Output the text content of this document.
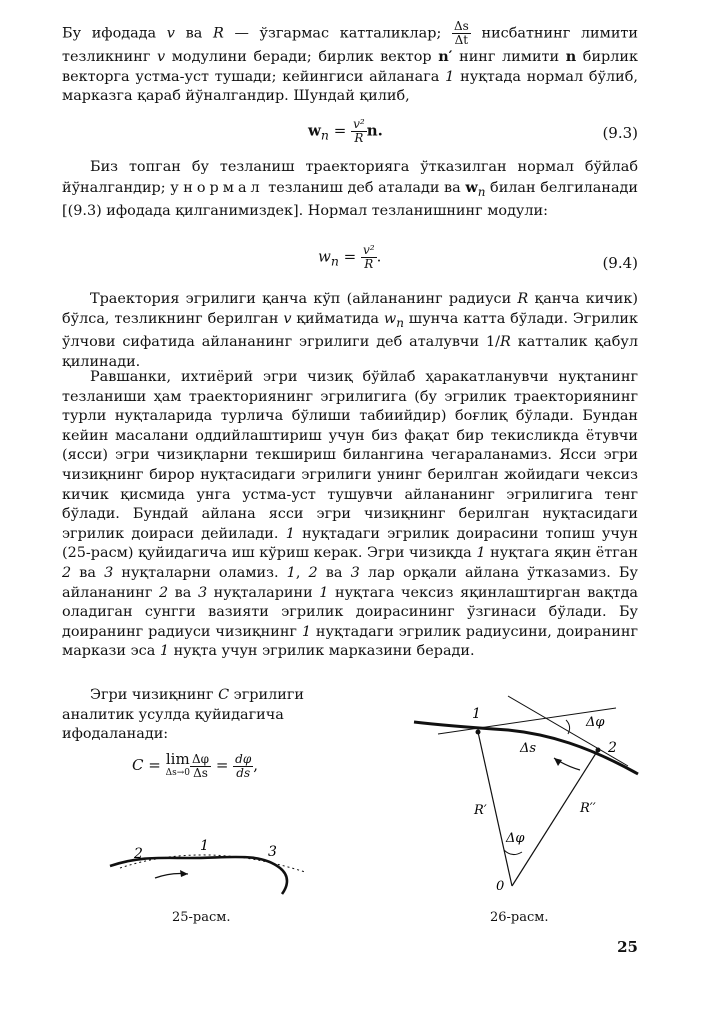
Бу ифодада v ва R — ўзгармас катталиклар; $\frac{\Delta s}{\Delta t}$ нисбатнинг лимити тезликнинг v модулини беради; бирлик вектор n′ нинг лимити n бирлик векторга устма-уст тушади; кейингиси айланага 1 нуқтада нормал бўлиб, марказга қараб йўналгандир. Шундай қилиб,

$w_n = \frac{\text{v²}}{R} n$.	(9.3)

Биз топган бу тезланиш траекторияга ўтказилган нормал бўйлаб йўналгандир; у нормал тезланиш деб аталади ва $w_n$ билан белгиланади [(9.3) ифодада қилганимиздек]. Нормал тезланишнинг модули:

$w_n = \frac{\text{v²}}{R}$ .	(9.4)

Траектория эгрилиги қанча кўп (айлананинг радиуси R қанча кичик) бўлса, тезликнинг берилган v қийматида $w_n$ шунча катта бўлади. Эгрилик ўлчови сифатида айлананинг эгрилиги деб аталувчи 1/R катталик қабул қилинади.

Равшанки, ихтиёрий эгри чизиқ бўйлаб ҳаракатланувчи нуқтанинг тезланиши ҳам траекториянинг эгрилигига (бу эгрилик траекториянинг турли нуқталарида турлича бўлиши табиийдир) боғлиқ бўлади. Бундан кейин масалани оддийлаштириш учун биз фақат бир текисликда ётувчи (ясси) эгри чизиқларни текшириш билангина чегараланамиз. Ясси эгри чизиқнинг бирор нуқтасидаги эгрилиги унинг берилган жойидаги чексиз кичик қисмида унга устма-уст тушувчи айлананинг эгрилигига тенг бўлади. Бундай айлана ясси эгри чизиқнинг берилган нуқтасидаги эгрилик доираси дейилади. 1 нуқтадаги эгрилик доирасини топиш учун (25-расм) қуйидагича иш кўриш керак. Эгри чизиқда 1 нуқтага яқин ётган 2 ва 3 нуқталарни оламиз. 1, 2 ва 3 лар орқали айлана ўтказамиз. Бу айлананинг 2 ва 3 нуқталарини 1 нуқтага чексиз яқинлаштирган вақтда оладиган сунгги вазияти эгрилик доирасининг ўзгинаси бўлади. Бу доиранинг радиуси чизиқнинг 1 нуқтадаги эгрилик радиусини, доиранинг маркази эса 1 нуқта учун эгрилик марказини беради.

Эгри чизиқнинг C эгрилиги аналитик усулда қуйидагича ифодаланади:

C = lim
$\Delta s\to 0 \frac{\Delta\varphi}{\Delta s} = \frac{d\varphi}{ds}$ ,
2	1	3
25-расм.
1
2
Δs
Δφ
Δφ
R′	R′′
0
26-расм.
25
